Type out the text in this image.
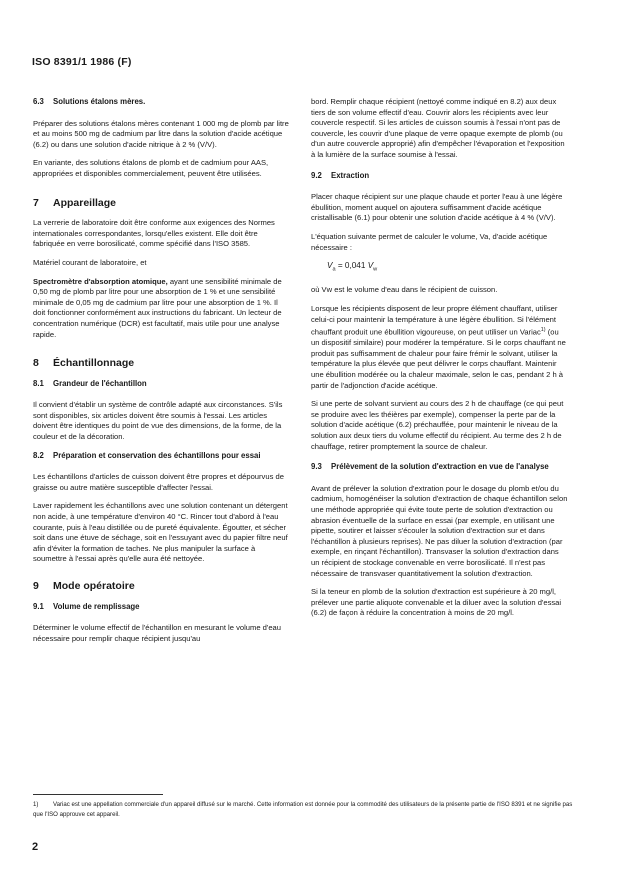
ISO 8391/1 1986 (F)
6.3 Solutions étalons mères.

Préparer des solutions étalons mères contenant 1 000 mg de plomb par litre et au moins 500 mg de cadmium par litre dans la solution d'acide acétique (6.2) ou dans une solution d'acide nitrique à 2 % (V/V).

En variante, des solutions étalons de plomb et de cadmium pour AAS, appropriées et disponibles commercialement, peuvent être utilisées.

7 Appareillage

La verrerie de laboratoire doit être conforme aux exigences des Normes internationales correspondantes, lorsqu'elles existent. Elle doit être fabriquée en verre borosilicaté, comme spécifié dans l'ISO 3585.

Matériel courant de laboratoire, et

Spectromètre d'absorption atomique, ayant une sensibilité minimale de 0,50 mg de plomb par litre pour une absorption de 1 % et une sensibilité minimale de 0,05 mg de cadmium par litre pour une absorption de 1 %. Il doit fonctionner conformément aux instructions du fabricant. Un lecteur de concentration numérique (DCR) est facultatif, mais utile pour une analyse rapide.

8 Échantillonnage
8.1 Grandeur de l'échantillon

Il convient d'établir un système de contrôle adapté aux circonstances. S'ils sont disponibles, six articles doivent être soumis à l'essai. Les articles doivent être identiques du point de vue des dimensions, de la forme, de la couleur et de la décoration.

8.2	Préparation et conservation des échantillons pour essai

Les échantillons d'articles de cuisson doivent être propres et dépourvus de graisse ou autre matière susceptible d'affecter l'essai.

Laver rapidement les échantillons avec une solution contenant un détergent non acide, à une température d'environ 40 °C. Rincer tout d'abord à l'eau courante, puis à l'eau distillée ou de pureté équivalente. Égoutter, et sécher soit dans une étuve de séchage, soit en l'essuyant avec du papier filtre neuf afin d'éviter la formation de taches. Ne plus manipuler la surface à soumettre à l'essai après qu'elle aura été nettoyée.

9 Mode opératoire
9.1 Volume de remplissage

Déterminer le volume effectif de l'échantillon en mesurant le volume d'eau nécessaire pour remplir chaque récipient jusqu'au

bord. Remplir chaque récipient (nettoyé comme indiqué en 8.2) aux deux tiers de son volume effectif d'eau. Couvrir alors les récipients avec leur couvercle respectif. Si les articles de cuisson soumis à l'essai n'ont pas de couvercle, les couvrir d'une plaque de verre opaque exempte de plomb (ou d'un autre couvercle approprié) afin d'empêcher l'évaporation et l'exposition à la lumière de la surface soumise à l'essai.

9.2 Extraction

Placer chaque récipient sur une plaque chaude et porter l'eau à une légère ébullition, moment auquel on ajoutera suffisamment d'acide acétique cristallisable (6.1) pour obtenir une solution d'acide acétique à 4 % (V/V).

L'équation suivante permet de calculer le volume, Va, d'acide acétique nécessaire :

$V_a = 0,041$ $V_w$

où Vw est le volume d'eau dans le récipient de cuisson.

Lorsque les récipients disposent de leur propre élément chauffant, utiliser celui-ci pour maintenir la température à une légère ébullition. Si l'élément chauffant produit une ébullition vigoureuse, on peut utiliser un Variac$^{1)}$ (ou un dispositif similaire) pour modérer la température. Si le corps chauffant ne produit pas suffisamment de chaleur pour faire frémir le solvant, utiliser la température la plus élevée que peut délivrer le corps chauffant. Maintenir une ébullition modérée ou la chaleur maximale, selon le cas, pendant 2 h à partir de l'adjonction d'acide acétique.

Si une perte de solvant survient au cours des 2 h de chauffage (ce qui peut se produire avec les théières par exemple), compenser la perte par de la solution d'acide acétique (6.2) préchauffée, pour maintenir le niveau de la solution aux deux tiers du volume effectif du récipient. Au terme des 2 h de chauffage, retirer promptement la source de chaleur.

9.3	Prélèvement de la solution d'extraction en vue de l'analyse

Avant de prélever la solution d'extration pour le dosage du plomb et/ou du cadmium, homogénéiser la solution d'extraction de chaque échantillon selon une méthode appropriée qui évite toute perte de solution d'extraction ou abrasion éventuelle de la surface en essai (par exemple, en utilisant une pipette, soutirer et laisser s'écouler la solution d'extraction sur et dans l'échantillon à plusieurs reprises). Ne pas diluer la solution d'extraction (par exemple, en rinçant l'échantillon). Transvaser la solution d'extraction dans un récipient de stockage convenable en verre borosilicaté. Il n'est pas nécessaire de transvaser quantitativement la solution d'extraction.

Si la teneur en plomb de la solution d'extraction est supérieure à 20 mg/l, prélever une partie aliquote convenable et la diluer avec la solution d'essai (6.2) de façon à réduire la concentration à moins de 20 mg/l.

1) Variac est une appellation commerciale d'un appareil diffusé sur le marché. Cette information est donnée pour la commodité des utilisateurs de la présente partie de l'ISO 8391 et ne signifie pas que l'ISO approuve cet appareil.
2
